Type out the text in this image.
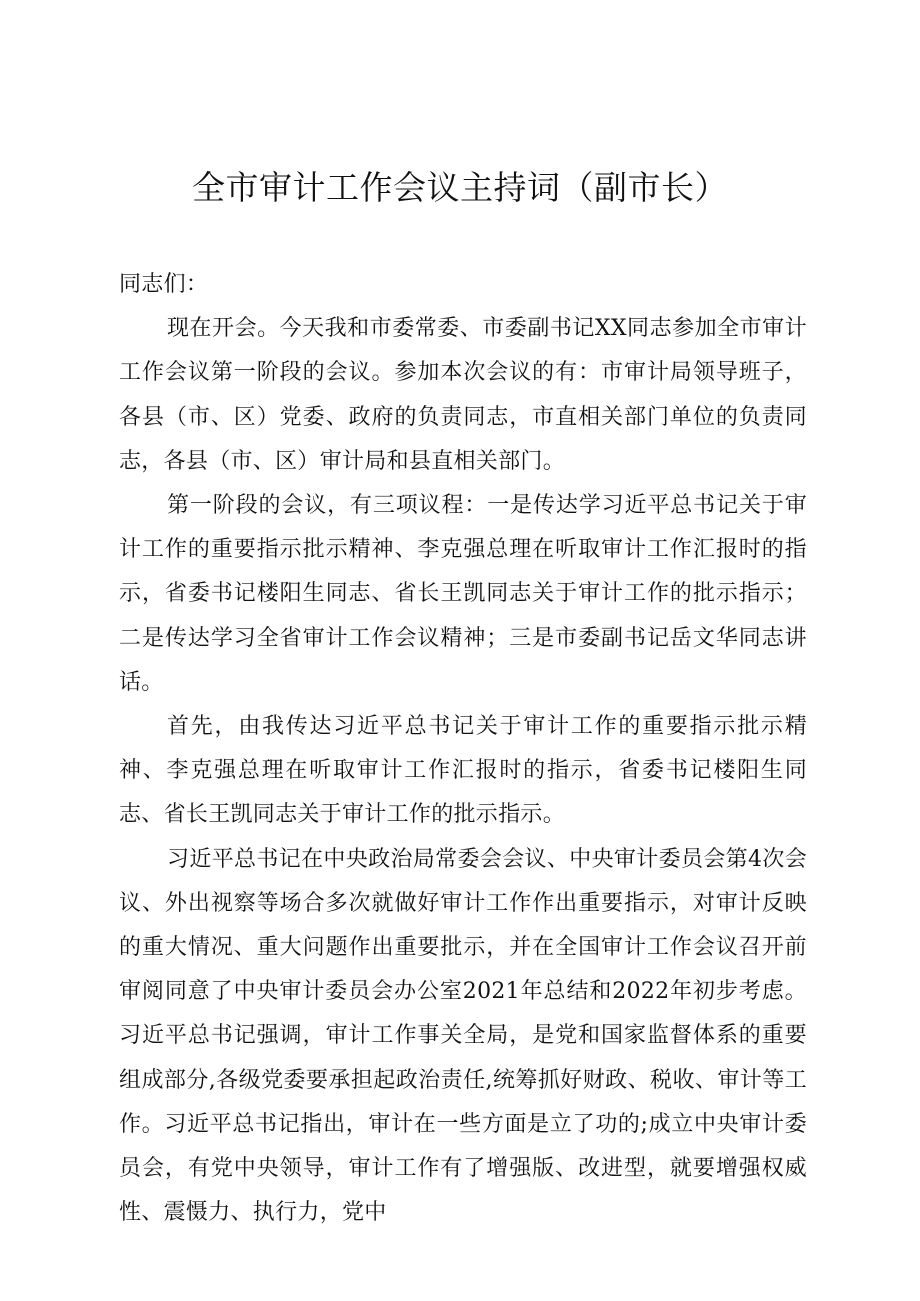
全市审计工作会议主持词（副市长）

同志们：

现在开会。今天我和市委常委、市委副书记XX同志参加全市审计工作会议第一阶段的会议。参加本次会议的有：市审计局领导班子，各县（市、区）党委、政府的负责同志，市直相关部门单位的负责同志，各县（市、区）审计局和县直相关部门。

第一阶段的会议，有三项议程：一是传达学习近平总书记关于审计工作的重要指示批示精神、李克强总理在听取审计工作汇报时的指示，省委书记楼阳生同志、省长王凯同志关于审计工作的批示指示；二是传达学习全省审计工作会议精神；三是市委副书记岳文华同志讲话。

首先，由我传达习近平总书记关于审计工作的重要指示批示精神、李克强总理在听取审计工作汇报时的指示，省委书记楼阳生同志、省长王凯同志关于审计工作的批示指示。

习近平总书记在中央政治局常委会会议、中央审计委员会第4次会议、外出视察等场合多次就做好审计工作作出重要指示，对审计反映的重大情况、重大问题作出重要批示，并在全国审计工作会议召开前审阅同意了中央审计委员会办公室2021年总结和2022年初步考虑。习近平总书记强调，审计工作事关全局，是党和国家监督体系的重要组成部分,各级党委要承担起政治责任,统筹抓好财政、税收、审计等工作。习近平总书记指出，审计在一些方面是立了功的;成立中央审计委员会，有党中央领导，审计工作有了增强版、改进型，就要增强权威性、震慑力、执行力，党中
